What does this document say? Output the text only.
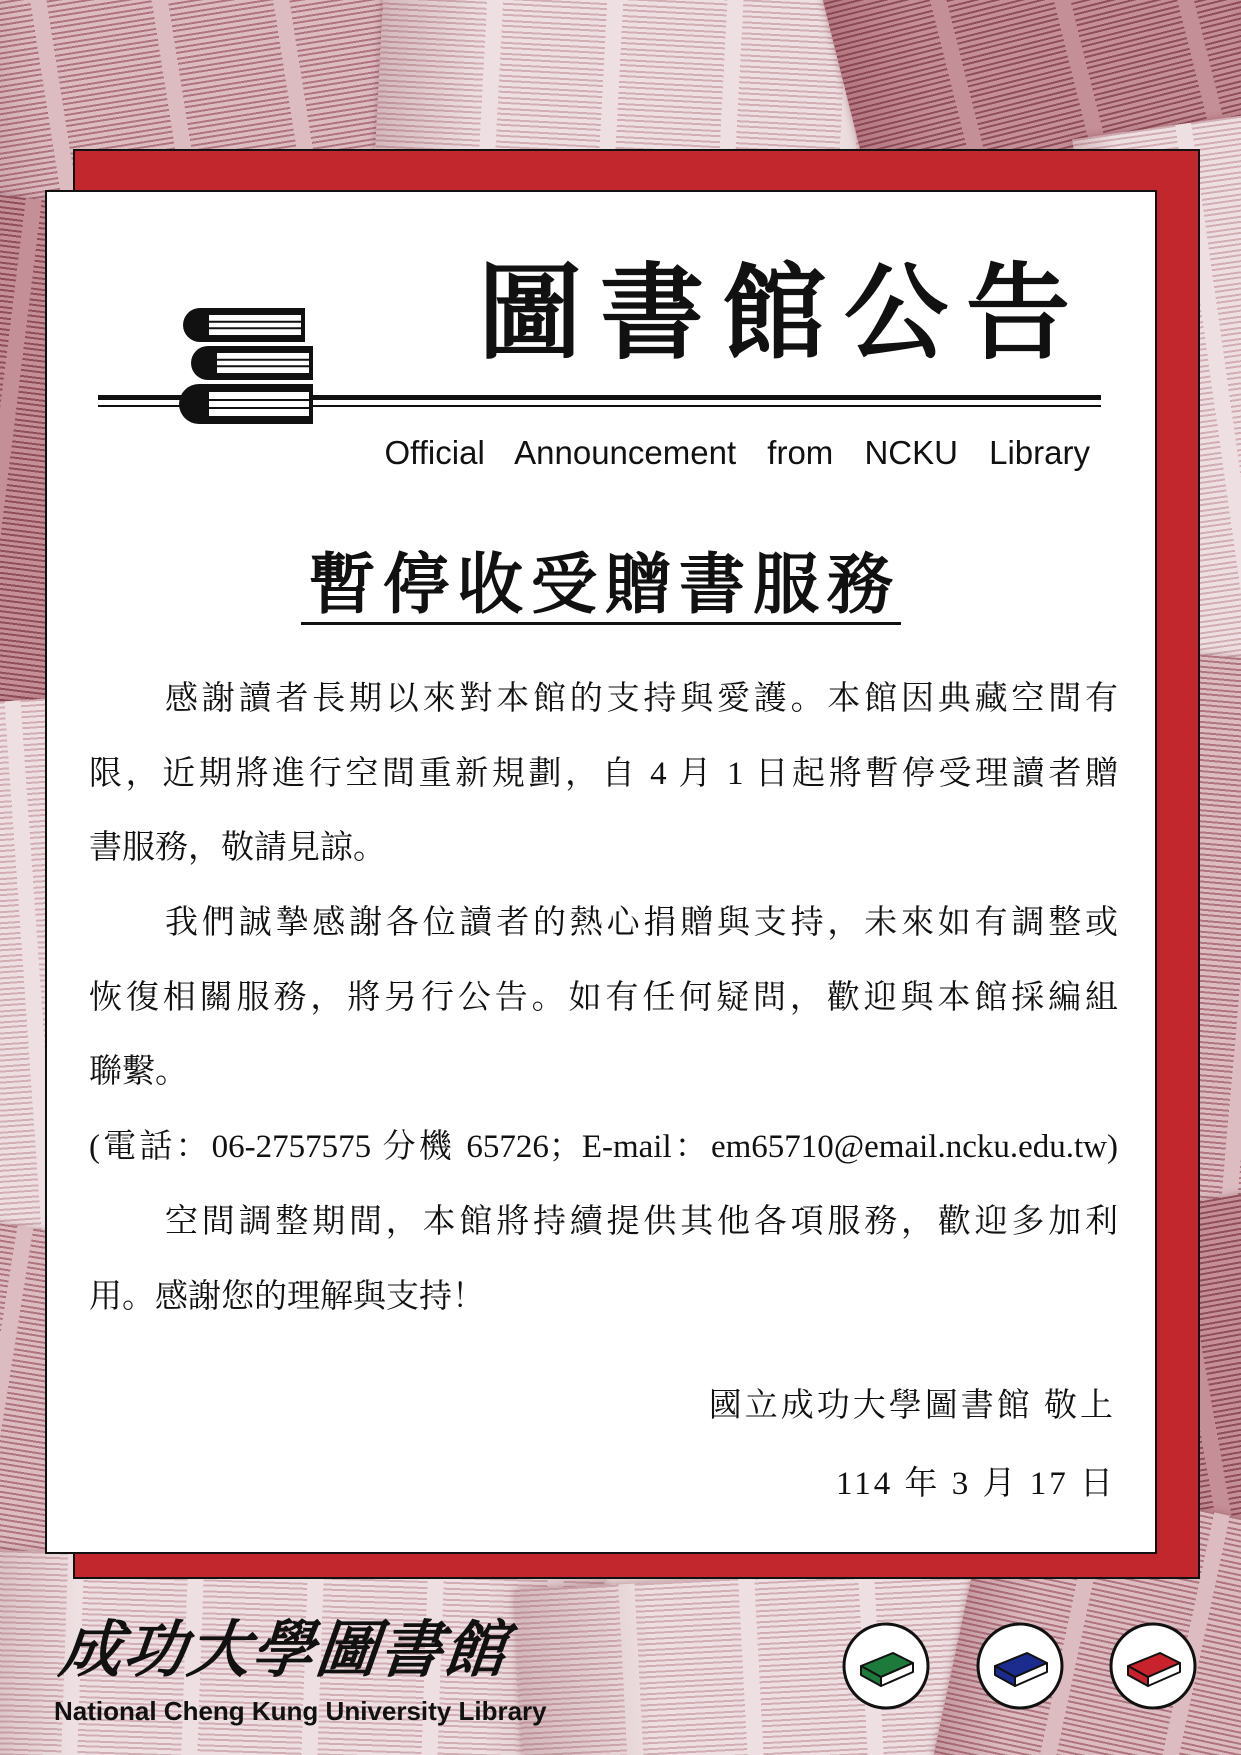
圖書館公告
Official Announcement from NCKU Library
暫停收受贈書服務
感謝讀者長期以來對本館的支持與愛護。本館因典藏空間有
限，近期將進行空間重新規劃，自 4 月 1 日起將暫停受理讀者贈
書服務，敬請見諒。
我們誠摯感謝各位讀者的熱心捐贈與支持，未來如有調整或
恢復相關服務，將另行公告。如有任何疑問，歡迎與本館採編組
聯繫。
(電話：06-2757575 分機 65726；E-mail：em65710@email.ncku.edu.tw)
空間調整期間，本館將持續提供其他各項服務，歡迎多加利
用。感謝您的理解與支持！
國立成功大學圖書館 敬上
114 年 3 月 17 日
成功大學圖書館
National Cheng Kung University Library
